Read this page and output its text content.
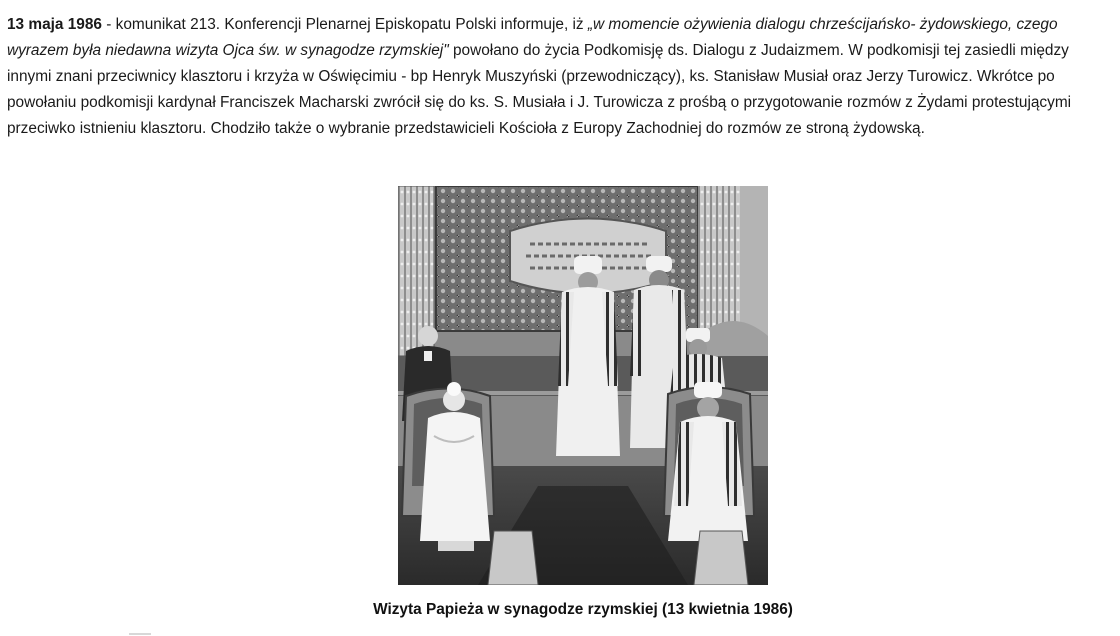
13 maja 1986 - komunikat 213. Konferencji Plenarnej Episkopatu Polski informuje, iż „w momencie ożywienia dialogu chrześcijańsko- żydowskiego, czego wyrazem była niedawna wizyta Ojca św. w synagodze rzymskiej" powołano do życia Podkomisję ds. Dialogu z Judaizmem. W podkomisji tej zasiedli między innymi znani przeciwnicy klasztoru i krzyża w Oświęcimiu - bp Henryk Muszyński (przewodniczący), ks. Stanisław Musiał oraz Jerzy Turowicz. Wkrótce po powołaniu podkomisji kardynał Franciszek Macharski zwrócił się do ks. S. Musiała i J. Turowicza z prośbą o przygotowanie rozmów z Żydami protestującymi przeciwko istnieniu klasztoru. Chodziło także o wybranie przedstawicieli Kościoła z Europy Zachodniej do rozmów ze stroną żydowską.

Wizyta Papieża w synagodze rzymskiej (13 kwietnia 1986)
